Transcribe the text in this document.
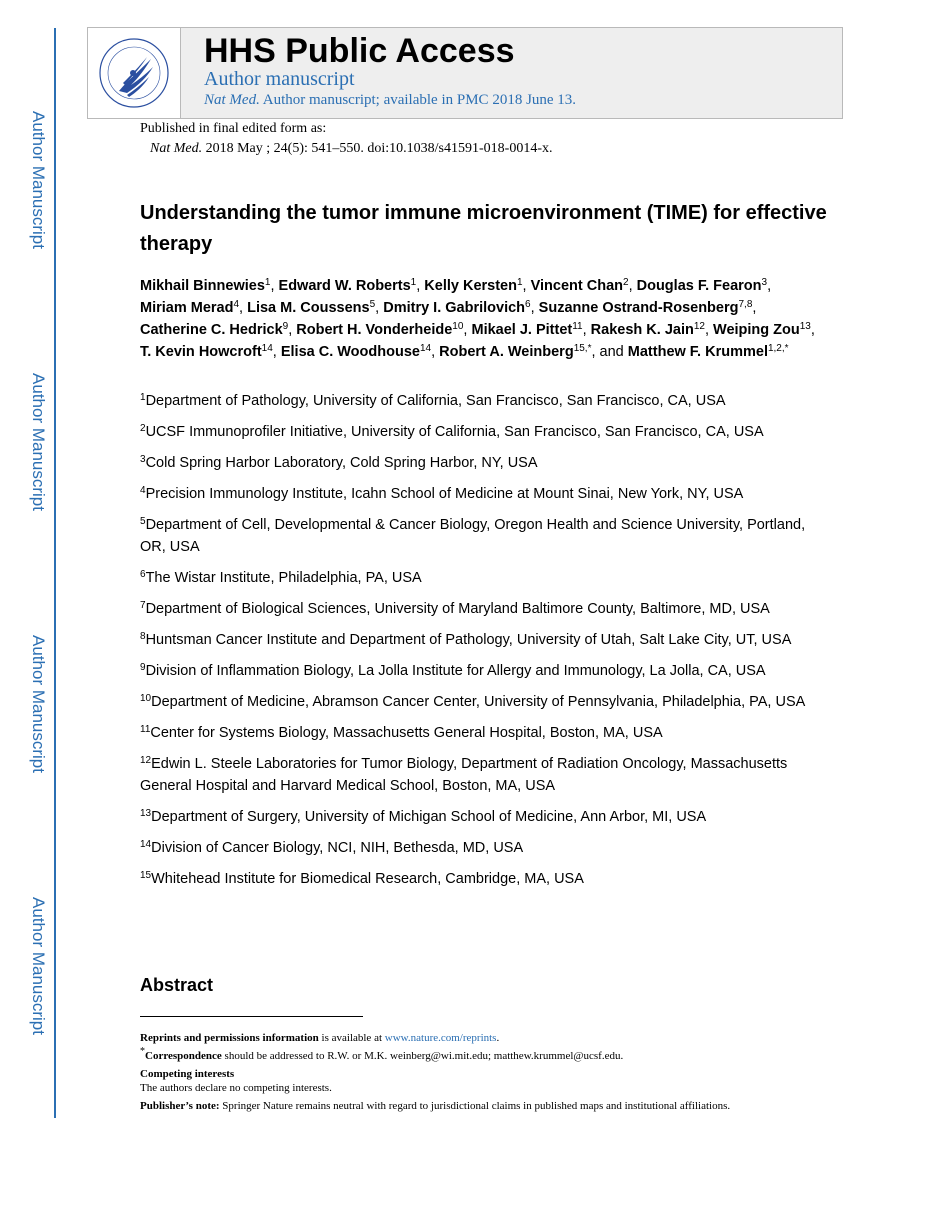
Author Manuscript
Author Manuscript
Author Manuscript
Author Manuscript
HHS Public Access
Author manuscript
Nat Med. Author manuscript; available in PMC 2018 June 13.
Published in final edited form as:
Nat Med. 2018 May ; 24(5): 541–550. doi:10.1038/s41591-018-0014-x.
Understanding the tumor immune microenvironment (TIME) for effective therapy
Mikhail Binnewies$^1$, Edward W. Roberts$^1$, Kelly Kersten$^1$, Vincent Chan$^2$, Douglas F. Fearon$^3$, Miriam Merad$^4$, Lisa M. Coussens$^5$, Dmitry I. Gabrilovich$^6$, Suzanne Ostrand-Rosenberg$^{7,8}$, Catherine C. Hedrick$^9$, Robert H. Vonderheide$^{10}$, Mikael J. Pittet$^{11}$, Rakesh K. Jain$^{12}$, Weiping Zou$^{13}$, T. Kevin Howcroft$^{14}$, Elisa C. Woodhouse$^{14}$, Robert A. Weinberg$^{15,*}$, and Matthew F. Krummel$^{1,2,*}$
$^1$Department of Pathology, University of California, San Francisco, San Francisco, CA, USA
$^2$UCSF Immunoprofiler Initiative, University of California, San Francisco, San Francisco, CA, USA
$^3$Cold Spring Harbor Laboratory, Cold Spring Harbor, NY, USA
$^4$Precision Immunology Institute, Icahn School of Medicine at Mount Sinai, New York, NY, USA
$^5$Department of Cell, Developmental & Cancer Biology, Oregon Health and Science University, Portland, OR, USA
$^6$The Wistar Institute, Philadelphia, PA, USA
$^7$Department of Biological Sciences, University of Maryland Baltimore County, Baltimore, MD, USA
$^8$Huntsman Cancer Institute and Department of Pathology, University of Utah, Salt Lake City, UT, USA
$^9$Division of Inflammation Biology, La Jolla Institute for Allergy and Immunology, La Jolla, CA, USA
$^{10}$Department of Medicine, Abramson Cancer Center, University of Pennsylvania, Philadelphia, PA, USA
$^{11}$Center for Systems Biology, Massachusetts General Hospital, Boston, MA, USA
$^{12}$Edwin L. Steele Laboratories for Tumor Biology, Department of Radiation Oncology, Massachusetts General Hospital and Harvard Medical School, Boston, MA, USA
$^{13}$Department of Surgery, University of Michigan School of Medicine, Ann Arbor, MI, USA
$^{14}$Division of Cancer Biology, NCI, NIH, Bethesda, MD, USA
$^{15}$Whitehead Institute for Biomedical Research, Cambridge, MA, USA
Abstract
Reprints and permissions information is available at www.nature.com/reprints.
*Correspondence should be addressed to R.W. or M.K. weinberg@wi.mit.edu; matthew.krummel@ucsf.edu.
Competing interests
The authors declare no competing interests.
Publisher’s note: Springer Nature remains neutral with regard to jurisdictional claims in published maps and institutional affiliations.
